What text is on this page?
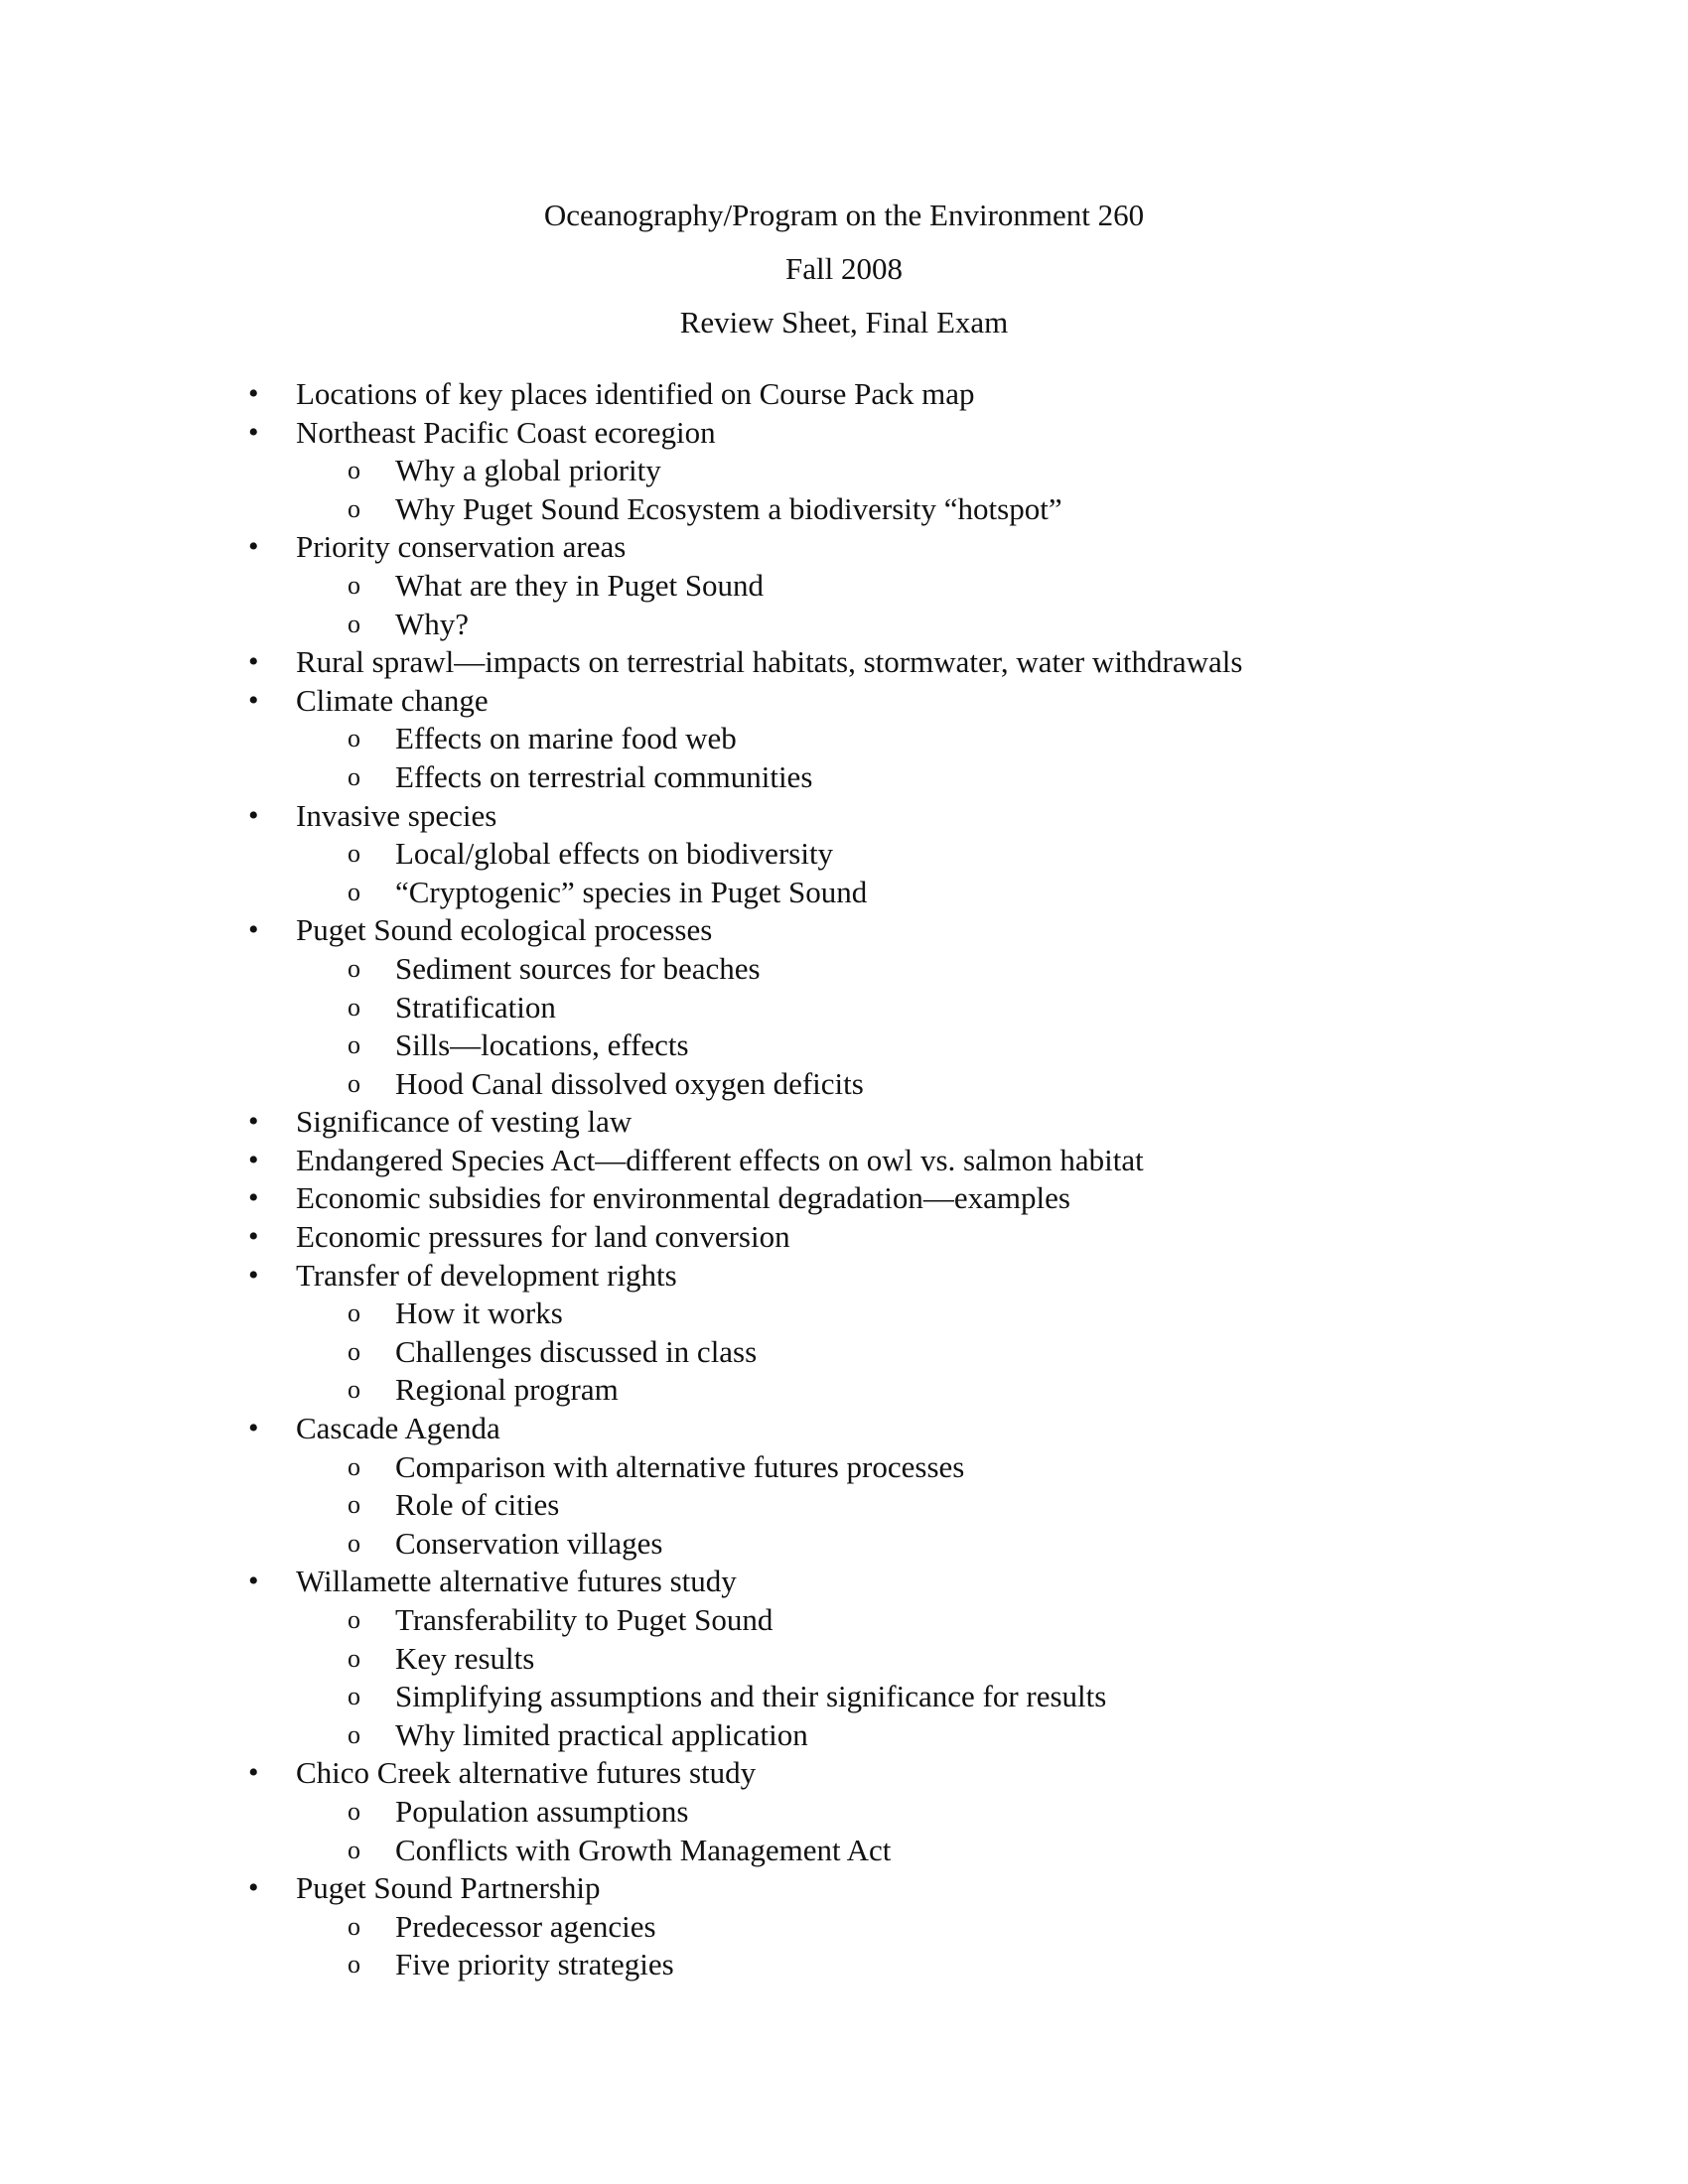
Oceanography/Program on the Environment 260
Fall 2008
Review Sheet, Final Exam
• Locations of key places identified on Course Pack map
• Northeast Pacific Coast ecoregion
o Why a global priority
o Why Puget Sound Ecosystem a biodiversity “hotspot”
• Priority conservation areas
o What are they in Puget Sound
o Why?
• Rural sprawl—impacts on terrestrial habitats, stormwater, water withdrawals
• Climate change
o Effects on marine food web
o Effects on terrestrial communities
• Invasive species
o Local/global effects on biodiversity
o “Cryptogenic” species in Puget Sound
• Puget Sound ecological processes
o Sediment sources for beaches
o Stratification
o Sills—locations, effects
o Hood Canal dissolved oxygen deficits
• Significance of vesting law
• Endangered Species Act—different effects on owl vs. salmon habitat
• Economic subsidies for environmental degradation—examples
• Economic pressures for land conversion
• Transfer of development rights
o How it works
o Challenges discussed in class
o Regional program
• Cascade Agenda
o Comparison with alternative futures processes
o Role of cities
o Conservation villages
• Willamette alternative futures study
o Transferability to Puget Sound
o Key results
o Simplifying assumptions and their significance for results
o Why limited practical application
• Chico Creek alternative futures study
o Population assumptions
o Conflicts with Growth Management Act
• Puget Sound Partnership
o Predecessor agencies
o Five priority strategies
